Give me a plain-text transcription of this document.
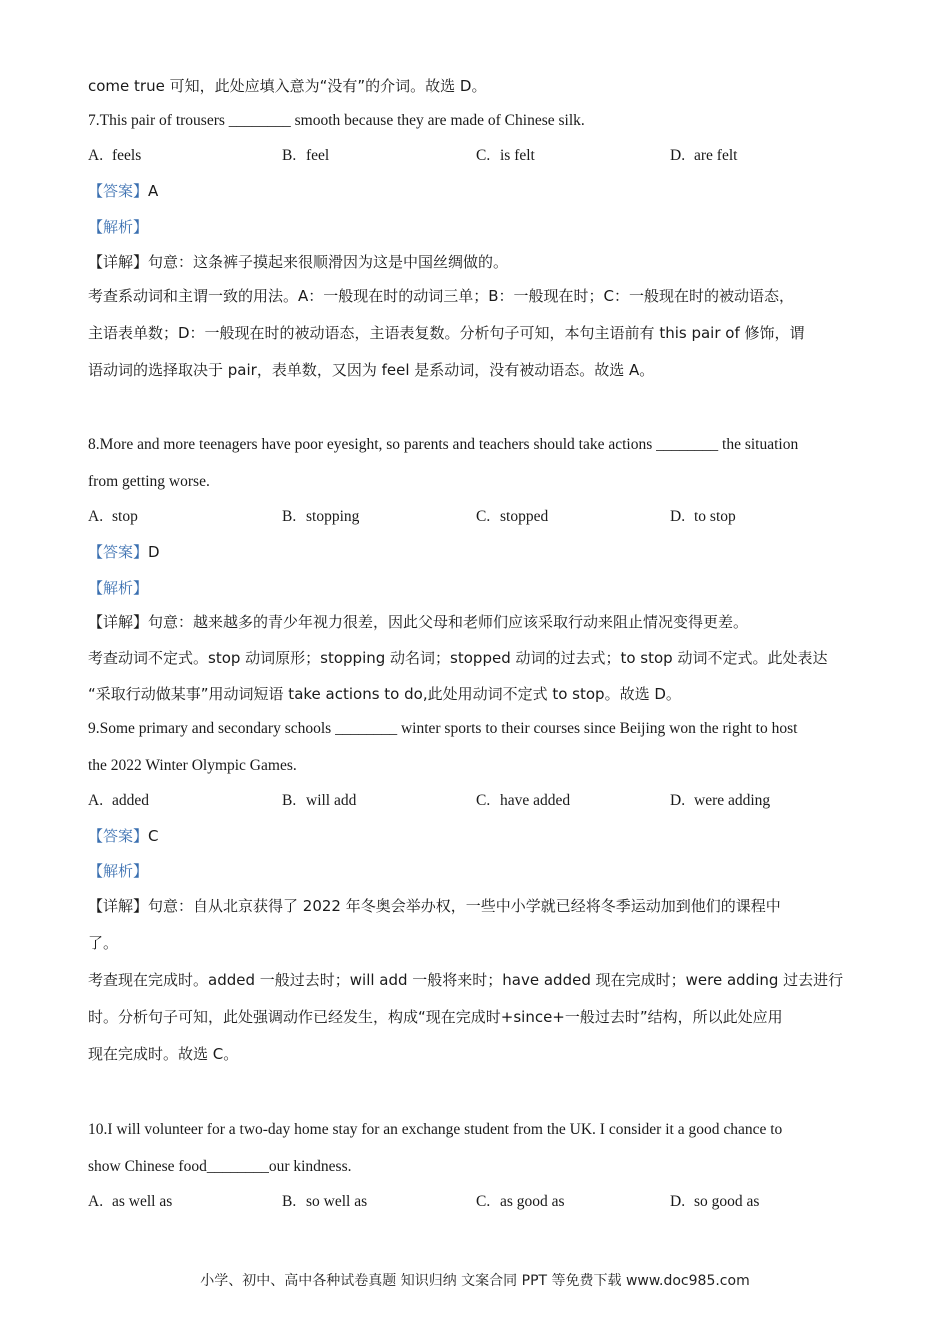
come true 可知，此处应填入意为“没有”的介词。故选 D。
7.This pair of trousers ________ smooth because they are made of Chinese silk.
A. feels	B. feel	C. is felt	D. are felt
【答案】A
【解析】
【详解】句意：这条裤子摸起来很顺滑因为这是中国丝绸做的。
考查系动词和主谓一致的用法。A：一般现在时的动词三单；B：一般现在时；C：一般现在时的被动语态，
主语表单数；D：一般现在时的被动语态，主语表复数。分析句子可知，本句主语前有 this pair of 修饰，谓
语动词的选择取决于 pair，表单数，又因为 feel 是系动词，没有被动语态。故选 A。
8.More and more teenagers have poor eyesight, so parents and teachers should take actions ________ the situation
from getting worse.
A. stop	B. stopping	C. stopped	D. to stop
【答案】D
【解析】
【详解】句意：越来越多的青少年视力很差，因此父母和老师们应该采取行动来阻止情况变得更差。
考查动词不定式。stop 动词原形；stopping 动名词；stopped 动词的过去式；to stop 动词不定式。此处表达
“采取行动做某事”用动词短语 take actions to do,此处用动词不定式 to stop。故选 D。
9.Some primary and secondary schools ________ winter sports to their courses since Beijing won the right to host
the 2022 Winter Olympic Games.
A. added	B. will add	C. have added	D. were adding
【答案】C
【解析】
【详解】句意：自从北京获得了 2022 年冬奥会举办权，一些中小学就已经将冬季运动加到他们的课程中
了。
考查现在完成时。added 一般过去时；will add 一般将来时；have added 现在完成时；were adding 过去进行
时。分析句子可知，此处强调动作已经发生，构成“现在完成时+since+一般过去时”结构，所以此处应用
现在完成时。故选 C。
10.I will volunteer for a two-day home stay for an exchange student from the UK. I consider it a good chance to
show Chinese food________our kindness.
A. as well as	B. so well as	C. as good as	D. so good as
小学、初中、高中各种试卷真题 知识归纳 文案合同 PPT 等免费下载 www.doc985.com
